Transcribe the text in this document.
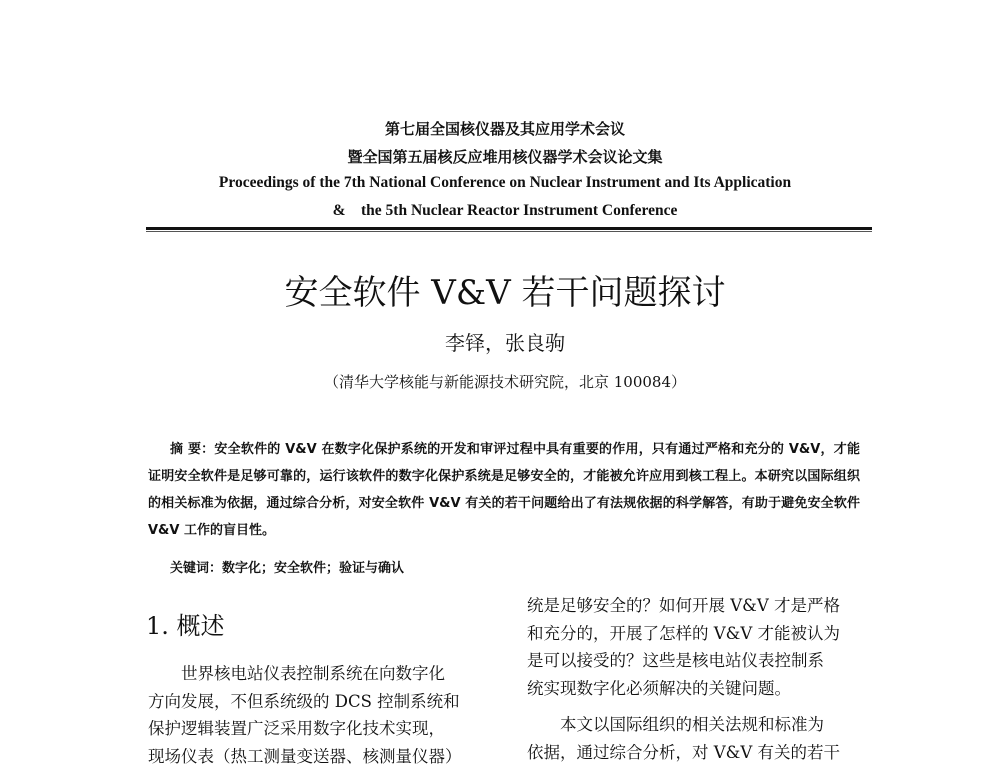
第七届全国核仪器及其应用学术会议
暨全国第五届核反应堆用核仪器学术会议论文集
Proceedings of the 7th National Conference on Nuclear Instrument and Its Application
&    the 5th Nuclear Reactor Instrument Conference
安全软件 V&V 若干问题探讨
李铎，张良驹
（清华大学核能与新能源技术研究院，北京 100084）
摘 要：安全软件的 V&V 在数字化保护系统的开发和审评过程中具有重要的作用，只有通过严格和充分的 V&V，才能证明安全软件是足够可靠的，运行该软件的数字化保护系统是足够安全的，才能被允许应用到核工程上。本研究以国际组织的相关标准为依据，通过综合分析，对安全软件 V&V 有关的若干问题给出了有法规依据的科学解答，有助于避免安全软件 V&V 工作的盲目性。
关键词：数字化；安全软件；验证与确认
1. 概述
世界核电站仪表控制系统在向数字化
方向发展，不但系统级的 DCS 控制系统和
保护逻辑装置广泛采用数字化技术实现，
现场仪表（热工测量变送器、核测量仪器）
统是足够安全的？如何开展 V&V 才是严格
和充分的，开展了怎样的 V&V 才能被认为
是可以接受的？这些是核电站仪表控制系
统实现数字化必须解决的关键问题。
本文以国际组织的相关法规和标准为
依据，通过综合分析，对 V&V 有关的若干
